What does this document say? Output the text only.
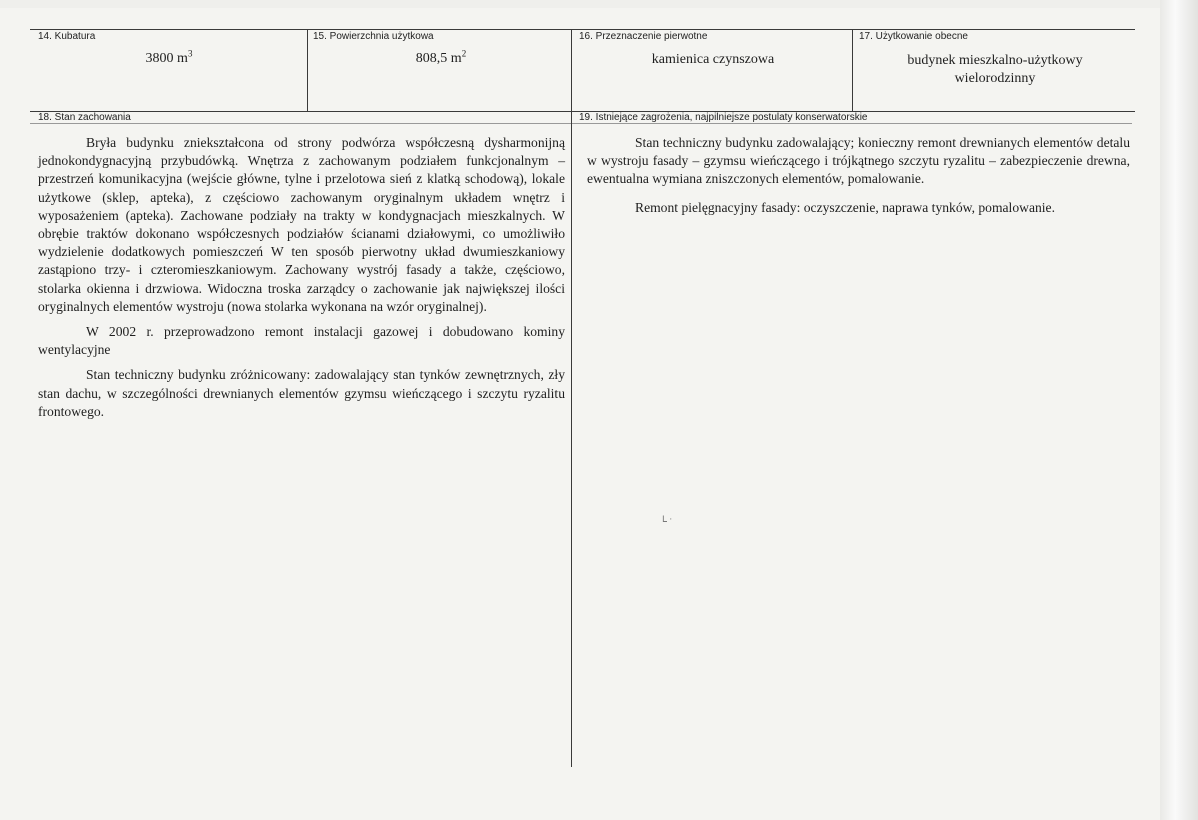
14. Kubatura
3800 $m^3$
15. Powierzchnia użytkowa
808,5 $m^2$
16. Przeznaczenie pierwotne
kamienica czynszowa
17. Użytkowanie obecne
budynek mieszkalno-użytkowy wielorodzinny
18. Stan zachowania

Bryła budynku zniekształcona od strony podwórza współczesną dysharmonijną jednokondygnacyjną przybudówką. Wnętrza z zachowanym podziałem funkcjonalnym – przestrzeń komunikacyjna (wejście główne, tylne i przelotowa sień z klatką schodową), lokale użytkowe (sklep, apteka), z częściowo zachowanym oryginalnym układem wnętrz i wyposażeniem (apteka). Zachowane podziały na trakty w kondygnacjach mieszkalnych. W obrębie traktów dokonano współczesnych podziałów ścianami działowymi, co umożliwiło wydzielenie dodatkowych pomieszczeń W ten sposób pierwotny układ dwumieszkaniowy zastąpiono trzy- i czteromieszkaniowym. Zachowany wystrój fasady a także, częściowo, stolarka okienna i drzwiowa. Widoczna troska zarządcy o zachowanie jak największej ilości oryginalnych elementów wystroju (nowa stolarka wykonana na wzór oryginalnej).

W 2002 r. przeprowadzono remont instalacji gazowej i dobudowano kominy wentylacyjne

Stan techniczny budynku zróżnicowany: zadowalający stan tynków zewnętrznych, zły stan dachu, w szczególności drewnianych elementów gzymsu wieńczącego i szczytu ryzalitu frontowego.

19. Istniejące zagrożenia, najpilniejsze postulaty konserwatorskie

Stan techniczny budynku zadowalający; konieczny remont drewnianych elementów detalu w wystroju fasady – gzymsu wieńczącego i trójkątnego szczytu ryzalitu – zabezpieczenie drewna, ewentualna wymiana zniszczonych elementów, pomalowanie.

Remont pielęgnacyjny fasady: oczyszczenie, naprawa tynków, pomalowanie.

ᒪ ·
